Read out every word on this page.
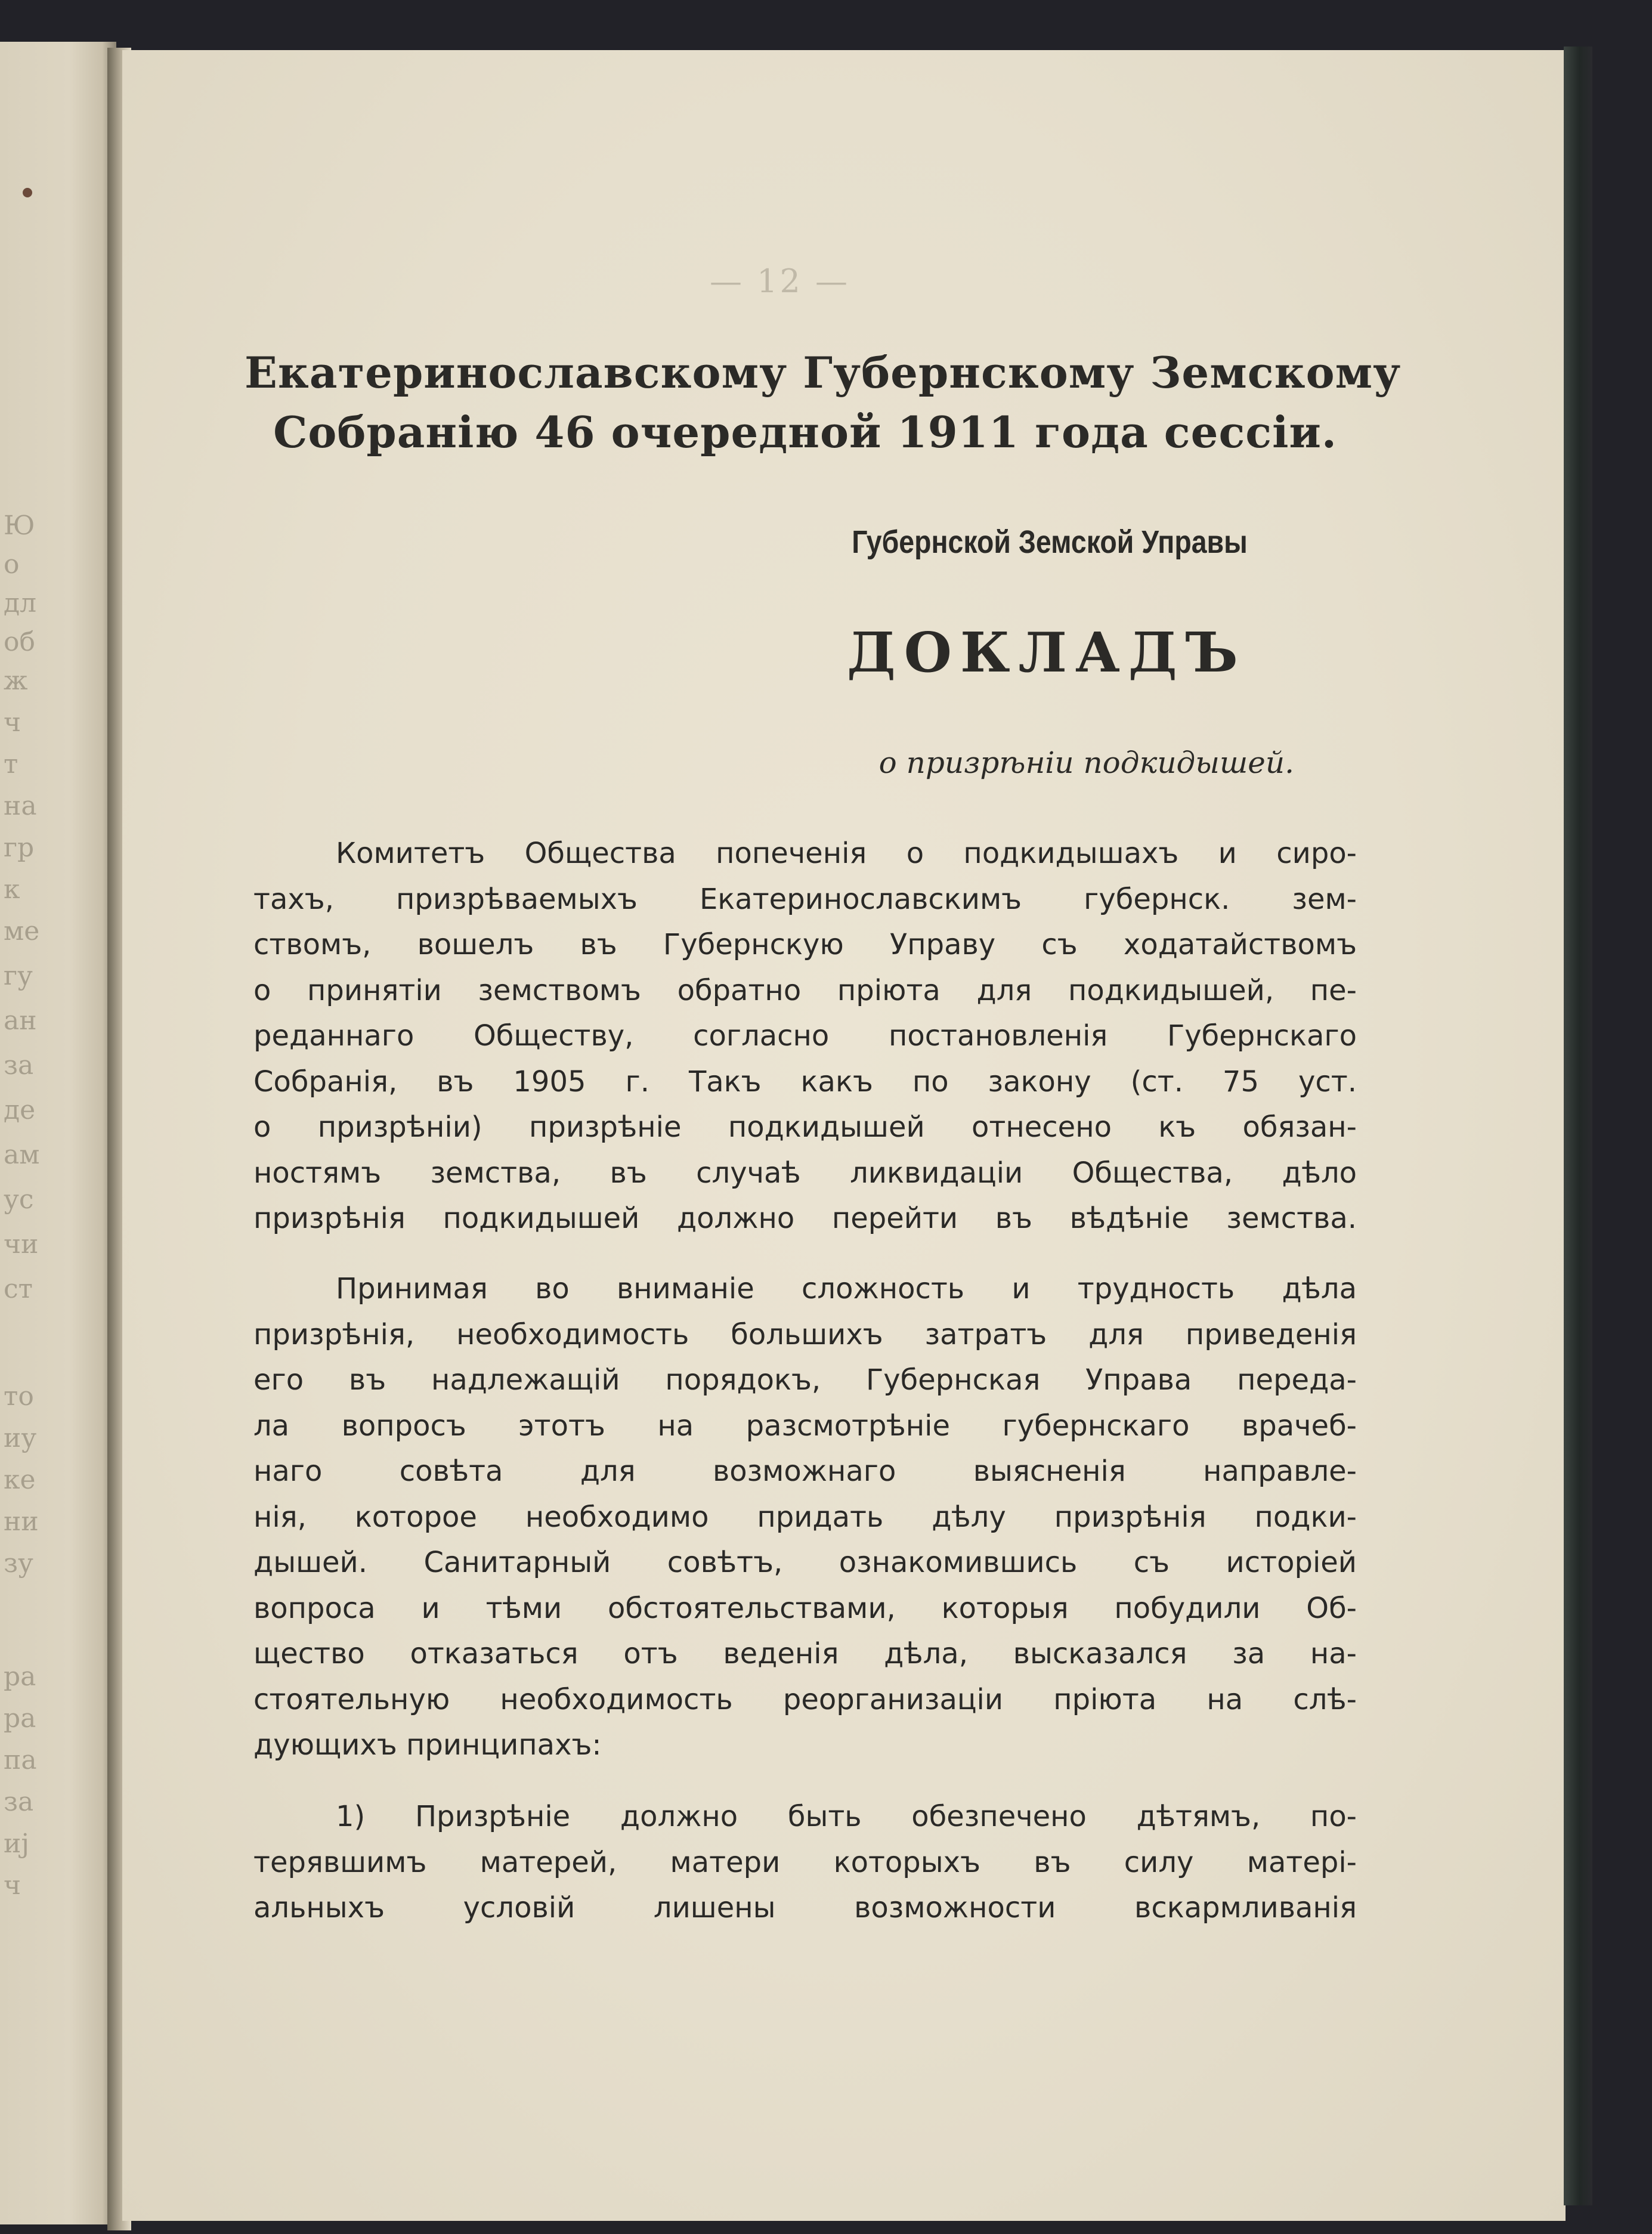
Ю
о
дл
об
ж
ч
т
на
гр
к
ме
гу
ан
за
де
ам
ус
чи
ст
то
иу
ке
ни
зу
ра
ра
па
за
иј
ч
— 12 —
Екатеринославскому Губернскому Земскому
Собранію 46 очередной 1911 года сессіи.
Губернской Земской Управы
ДОКЛАДЪ
о призрѣніи подкидышей.
Комитетъ Общества попеченія о подкидышахъ и сиро-
тахъ, призрѣваемыхъ Екатеринославскимъ губернск. зем-
ствомъ, вошелъ въ Губернскую Управу съ ходатайствомъ
о принятіи земствомъ обратно пріюта для подкидышей, пе-
реданнаго Обществу, согласно постановленія Губернскаго
Собранія, въ 1905 г. Такъ какъ по закону (ст. 75 уст.
о призрѣніи) призрѣніе подкидышей отнесено къ обязан-
ностямъ земства, въ случаѣ ликвидаціи Общества, дѣло
призрѣнія подкидышей должно перейти въ вѣдѣніе земства.
Принимая во вниманіе сложность и трудность дѣла
призрѣнія, необходимость большихъ затратъ для приведенія
его въ надлежащій порядокъ, Губернская Управа переда-
ла вопросъ этотъ на разсмотрѣніе губернскаго врачеб-
наго совѣта для возможнаго выясненія направле-
нія, которое необходимо придать дѣлу призрѣнія подки-
дышей. Санитарный совѣтъ, ознакомившись съ исторіей
вопроса и тѣми обстоятельствами, которыя побудили Об-
щество отказаться отъ веденія дѣла, высказался за на-
стоятельную необходимость реорганизаціи пріюта на слѣ-
дующихъ принципахъ:
1) Призрѣніе должно быть обезпечено дѣтямъ, по-
терявшимъ матерей, матери которыхъ въ силу матері-
альныхъ условій лишены возможности вскармливанія
